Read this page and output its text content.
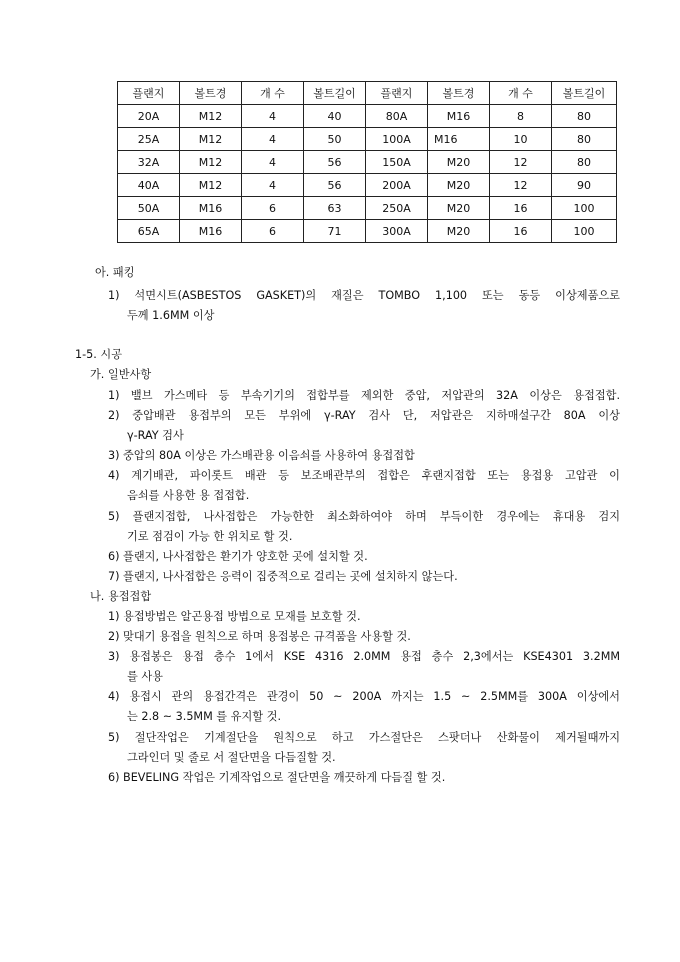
플랜지	볼트경	개 수	볼트길이	플랜지	볼트경	개 수	볼트길이
20A	M12	4	40	80A	M16	8	80
25A	M12	4	50	100A	M16	10	80
32A	M12	4	56	150A	M20	12	80
40A	M12	4	56	200A	M20	12	90
50A	M16	6	63	250A	M20	16	100
65A	M16	6	71	300A	M20	16	100
아. 패킹
1) 석면시트(ASBESTOS GASKET)의 재질은 TOMBO 1,100 또는 동등 이상제품으로
두께 1.6MM 이상
1-5. 시공
가. 일반사항
1) 밸브 가스메타 등 부속기기의 접합부를 제외한 중압, 저압관의 32A 이상은 용접접합.
2) 중압배관 용접부의 모든 부위에 γ-RAY 검사 단, 저압관은 지하매설구간 80A 이상
γ-RAY 검사
3) 중압의 80A 이상은 가스배관용 이음쇠를 사용하여 용접접합
4) 계기배관, 파이롯트 배관 등 보조배관부의 접합은 후랜지접합 또는 용접용 고압관 이
음쇠를 사용한 용 접접합.
5) 플랜지접합, 나사접합은 가능한한 최소화하여야 하며 부득이한 경우에는 휴대용 검지
기로 점검이 가능 한 위치로 할 것.
6) 플랜지, 나사접합은 환기가 양호한 곳에 설치할 것.
7) 플랜지, 나사접합은 응력이 집중적으로 걸리는 곳에 설치하지 않는다.
나. 용접접합
1) 용접방법은 알곤용접 방법으로 모재를 보호할 것.
2) 맞대기 용접을 원칙으로 하며 용접봉은 규격품을 사용할 것.
3) 용접봉은 용접 층수 1에서 KSE 4316 2.0MM 용접 층수 2,3에서는 KSE4301 3.2MM
를 사용
4) 용접시 관의 용접간격은 관경이 50 ~ 200A 까지는 1.5 ~ 2.5MM를 300A 이상에서
는 2.8 ~ 3.5MM 를 유지할 것.
5) 절단작업은 기계절단을 원칙으로 하고 가스절단은 스팟더나 산화물이 제거될때까지
그라인더 및 줄로 서 절단면을 다듬질할 것.
6) BEVELING 작업은 기계작업으로 절단면을 깨끗하게 다듬질 할 것.
